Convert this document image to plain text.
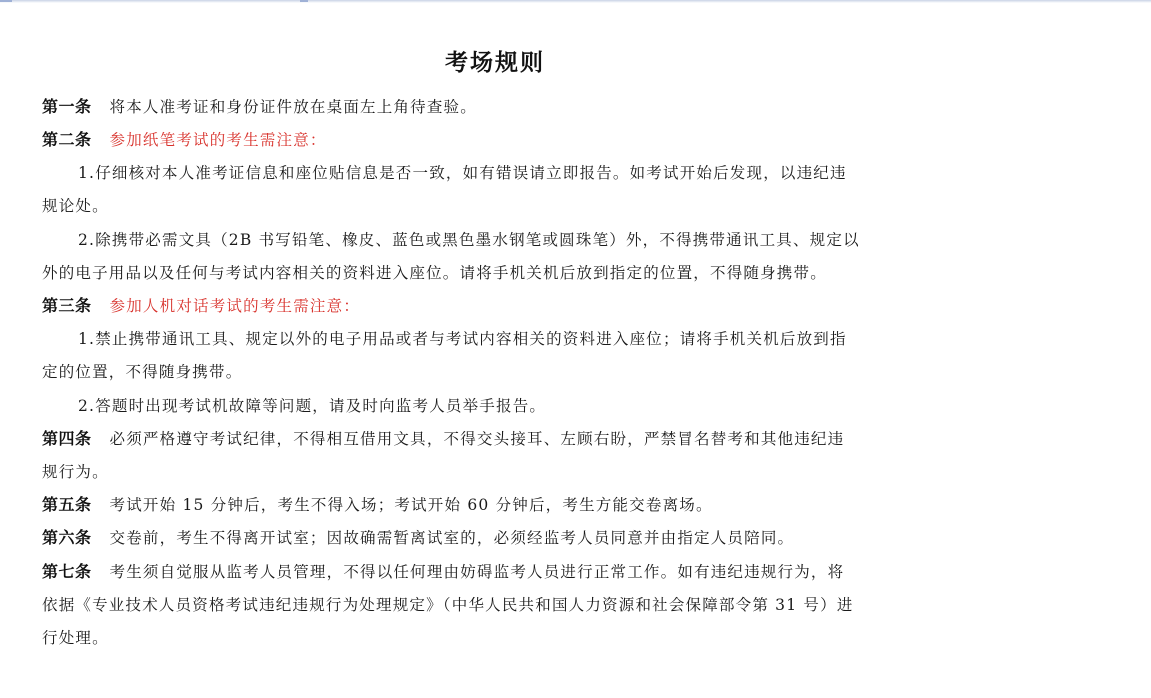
考场规则
第一条 将本人准考证和身份证件放在桌面左上角待查验。
第二条 参加纸笔考试的考生需注意：
1.仔细核对本人准考证信息和座位贴信息是否一致，如有错误请立即报告。如考试开始后发现，以违纪违
规论处。
2.除携带必需文具（2B 书写铅笔、橡皮、蓝色或黑色墨水钢笔或圆珠笔）外，不得携带通讯工具、规定以
外的电子用品以及任何与考试内容相关的资料进入座位。请将手机关机后放到指定的位置，不得随身携带。
第三条 参加人机对话考试的考生需注意：
1.禁止携带通讯工具、规定以外的电子用品或者与考试内容相关的资料进入座位；请将手机关机后放到指
定的位置，不得随身携带。
2.答题时出现考试机故障等问题，请及时向监考人员举手报告。
第四条 必须严格遵守考试纪律，不得相互借用文具，不得交头接耳、左顾右盼，严禁冒名替考和其他违纪违
规行为。
第五条 考试开始 15 分钟后，考生不得入场；考试开始 60 分钟后，考生方能交卷离场。
第六条 交卷前，考生不得离开试室；因故确需暂离试室的，必须经监考人员同意并由指定人员陪同。
第七条 考生须自觉服从监考人员管理，不得以任何理由妨碍监考人员进行正常工作。如有违纪违规行为，将
依据《专业技术人员资格考试违纪违规行为处理规定》（中华人民共和国人力资源和社会保障部令第 31 号）进
行处理。
